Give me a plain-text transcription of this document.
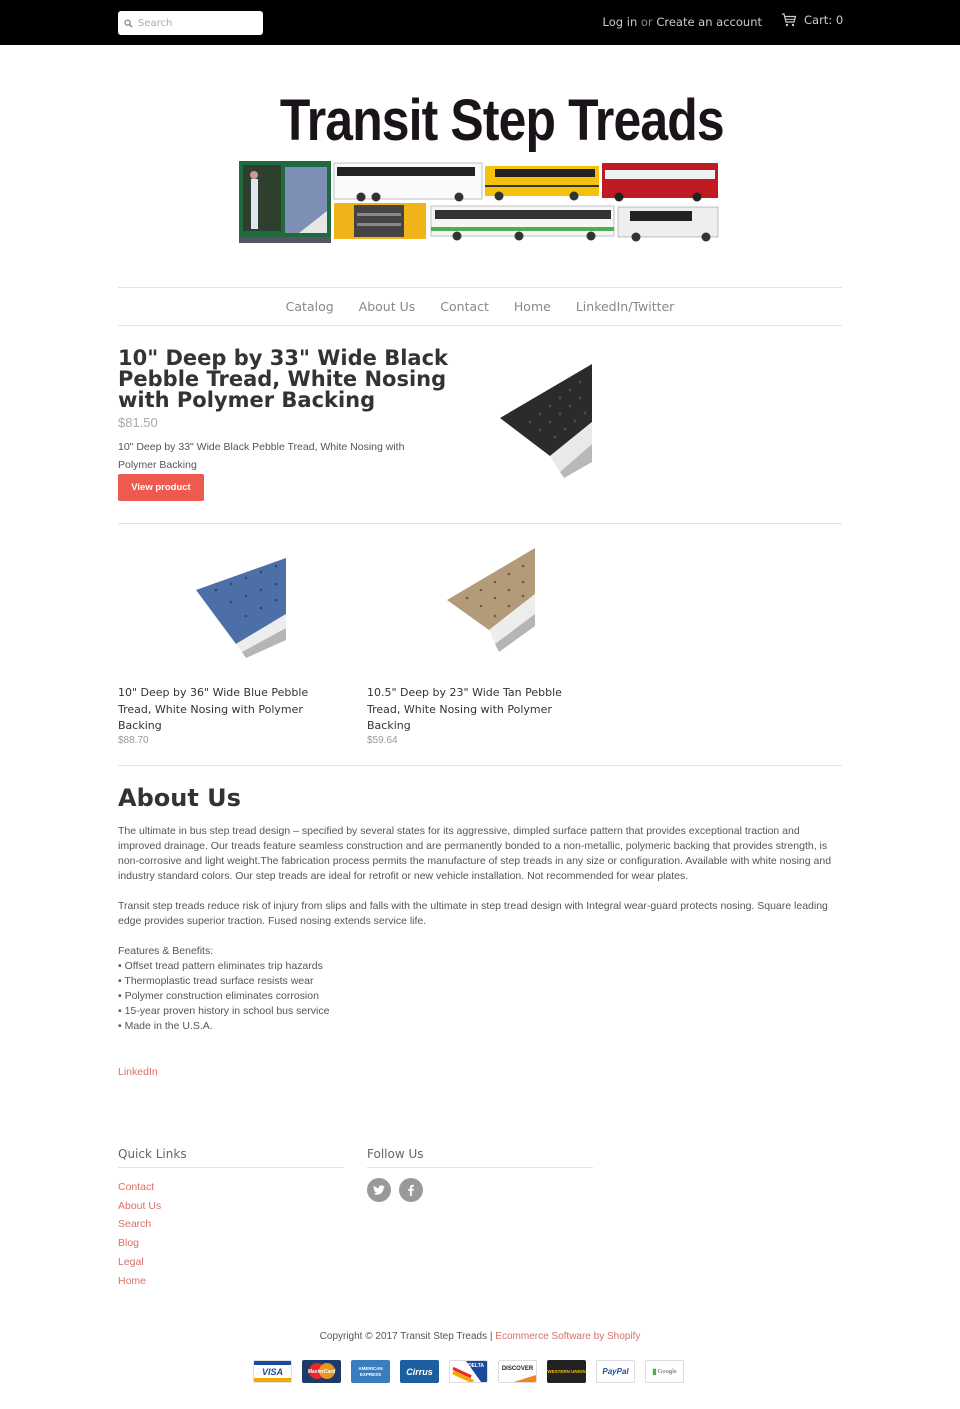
Search
Log in or Create an account	Cart: 0
Transit Step Treads
Catalog About Us Contact Home LinkedIn/Twitter
10" Deep by 33" Wide Black Pebble Tread, White Nosing with Polymer Backing
$81.50
10" Deep by 33" Wide Black Pebble Tread, White Nosing with Polymer Backing
View product
10" Deep by 36" Wide Blue Pebble Tread, White Nosing with Polymer Backing
$88.70
10.5" Deep by 23" Wide Tan Pebble Tread, White Nosing with Polymer Backing
$59.64
About Us

The ultimate in bus step tread design – specified by several states for its aggressive, dimpled surface pattern that provides exceptional traction and improved drainage. Our treads feature seamless construction and are permanently bonded to a non-metallic, polymeric backing that provides strength, is non-corrosive and light weight.The fabrication process permits the manufacture of step treads in any size or configuration. Available with white nosing and industry standard colors. Our step treads are ideal for retrofit or new vehicle installation. Not recommended for wear plates.

Transit step treads reduce risk of injury from slips and falls with the ultimate in step tread design with Integral wear-guard protects nosing. Square leading edge provides superior traction. Fused nosing extends service life.

Features & Benefits:
• Offset tread pattern eliminates trip hazards
• Thermoplastic tread surface resists wear
• Polymer construction eliminates corrosion
• 15-year proven history in school bus service
• Made in the U.S.A.
LinkedIn
Quick Links
Contact
About Us
Search
Blog
Legal
Home
Follow Us
Copyright © 2017 Transit Step Treads | Ecommerce Software by Shopify
VISA	MasterCard
AMERICAN EXPRESS	Cirrus
DELTA	DISCOVER	WESTERN UNION PayPal	▮ Google
